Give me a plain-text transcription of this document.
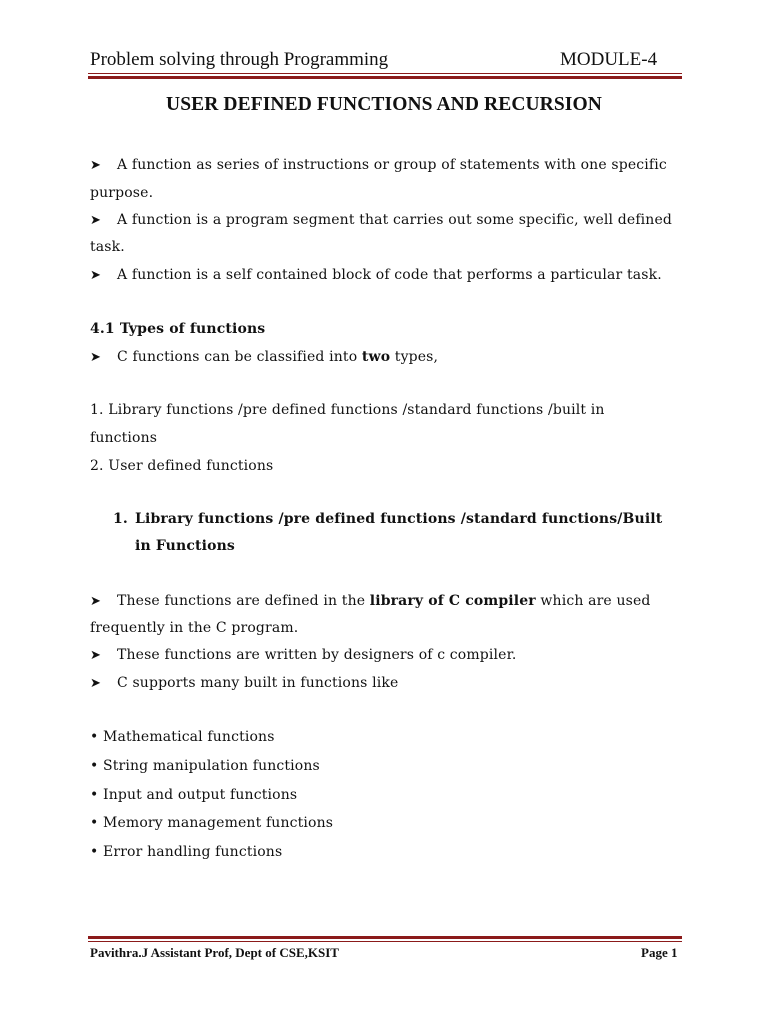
Problem solving through Programming	MODULE-4
USER DEFINED FUNCTIONS AND RECURSION
➤ A function as series of instructions or group of statements with one specific
purpose.
➤ A function is a program segment that carries out some specific, well defined
task.
➤ A function is a self contained block of code that performs a particular task.
4.1 Types of functions
➤ C functions can be classified into two types,
1. Library functions /pre defined functions /standard functions /built in
functions
2. User defined functions
1. Library functions /pre defined functions /standard functions/Built
in Functions
➤ These functions are defined in the library of C compiler which are used
frequently in the C program.
➤ These functions are written by designers of c compiler.
➤ C supports many built in functions like
• Mathematical functions
• String manipulation functions
• Input and output functions
• Memory management functions
• Error handling functions
Pavithra.J Assistant Prof, Dept of CSE,KSIT	Page 1
